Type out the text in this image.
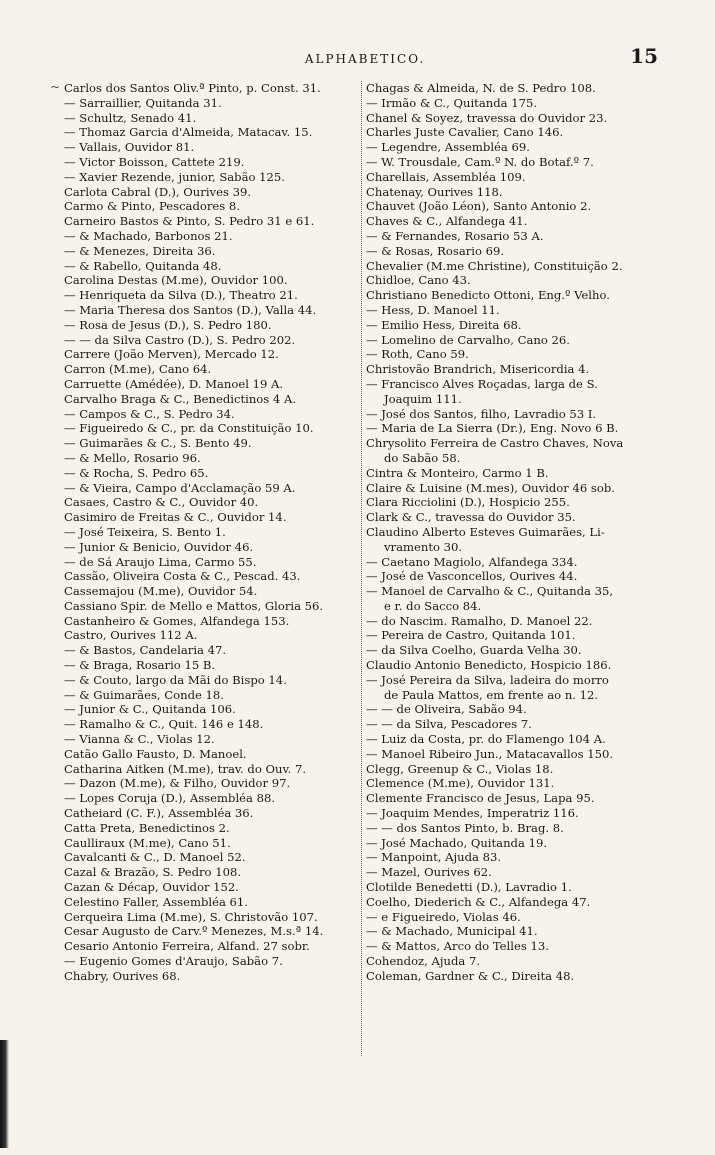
ALPHABETICO.	15
~ Carlos dos Santos Oliv.ª Pinto, p. Const. 31.
— Sarraillier, Quitanda 31.
— Schultz, Senado 41.
— Thomaz Garcia d'Almeida, Matacav. 15.
— Vallais, Ouvidor 81.
— Victor Boisson, Cattete 219.
— Xavier Rezende, junior, Sabão 125.
Carlota Cabral (D.), Ourives 39.
Carmo & Pinto, Pescadores 8.
Carneiro Bastos & Pinto, S. Pedro 31 e 61.
— & Machado, Barbonos 21.
— & Menezes, Direita 36.
— & Rabello, Quitanda 48.
Carolina Destas (M.me), Ouvidor 100.
— Henriqueta da Silva (D.), Theatro 21.
— Maria Theresa dos Santos (D.), Valla 44.
— Rosa de Jesus (D.), S. Pedro 180.
— — da Silva Castro (D.), S. Pedro 202.
Carrere (João Merven), Mercado 12.
Carron (M.me), Cano 64.
Carruette (Amédée), D. Manoel 19 A.
Carvalho Braga & C., Benedictinos 4 A.
— Campos & C., S. Pedro 34.
— Figueiredo & C., pr. da Constituição 10.
— Guimarães & C., S. Bento 49.
— & Mello, Rosario 96.
— & Rocha, S. Pedro 65.
— & Vieira, Campo d'Acclamação 59 A.
Casaes, Castro & C., Ouvidor 40.
Casimiro de Freitas & C., Ouvidor 14.
— José Teixeira, S. Bento 1.
— Junior & Benicio, Ouvidor 46.
— de Sá Araujo Lima, Carmo 55.
Cassão, Oliveira Costa & C., Pescad. 43.
Cassemajou (M.me), Ouvidor 54.
Cassiano Spir. de Mello e Mattos, Gloria 56.
Castanheiro & Gomes, Alfandega 153.
Castro, Ourives 112 A.
— & Bastos, Candelaria 47.
— & Braga, Rosario 15 B.
— & Couto, largo da Mãi do Bispo 14.
— & Guimarães, Conde 18.
— Junior & C., Quitanda 106.
— Ramalho & C., Quit. 146 e 148.
— Vianna & C., Violas 12.
Catão Gallo Fausto, D. Manoel.
Catharina Aitken (M.me), trav. do Ouv. 7.
— Dazon (M.me), & Filho, Ouvidor 97.
— Lopes Coruja (D.), Assembléa 88.
Catheiard (C. F.), Assembléa 36.
Catta Preta, Benedictinos 2.
Caulliraux (M.me), Cano 51.
Cavalcanti & C., D. Manoel 52.
Cazal & Brazão, S. Pedro 108.
Cazan & Décap, Ouvidor 152.
Celestino Faller, Assembléa 61.
Cerqueira Lima (M.me), S. Christovão 107.
Cesar Augusto de Carv.º Menezes, M.s.ª 14.
Cesario Antonio Ferreira, Alfand. 27 sobr.
— Eugenio Gomes d'Araujo, Sabão 7.
Chabry, Ourives 68.
Chagas & Almeida, N. de S. Pedro 108.
— Irmão & C., Quitanda 175.
Chanel & Soyez, travessa do Ouvidor 23.
Charles Juste Cavalier, Cano 146.
— Legendre, Assembléa 69.
— W. Trousdale, Cam.º N. do Botaf.º 7.
Charellais, Assembléa 109.
Chatenay, Ourives 118.
Chauvet (João Léon), Santo Antonio 2.
Chaves & C., Alfandega 41.
— & Fernandes, Rosario 53 A.
— & Rosas, Rosario 69.
Chevalier (M.me Christine), Constituição 2.
Chidloe, Cano 43.
Christiano Benedicto Ottoni, Eng.º Velho.
— Hess, D. Manoel 11.
— Emilio Hess, Direita 68.
— Lomelino de Carvalho, Cano 26.
— Roth, Cano 59.
Christovão Brandrich, Misericordia 4.
— Francisco Alves Roçadas, larga de S.
Joaquim 111.
— José dos Santos, filho, Lavradio 53 I.
— Maria de La Sierra (Dr.), Eng. Novo 6 B.
Chrysolito Ferreira de Castro Chaves, Nova
do Sabão 58.
Cintra & Monteiro, Carmo 1 B.
Claire & Luisine (M.mes), Ouvidor 46 sob.
Clara Ricciolini (D.), Hospicio 255.
Clark & C., travessa do Ouvidor 35.
Claudino Alberto Esteves Guimarães, Li-
vramento 30.
— Caetano Magiolo, Alfandega 334.
— José de Vasconcellos, Ourives 44.
— Manoel de Carvalho & C., Quitanda 35,
e r. do Sacco 84.
— do Nascim. Ramalho, D. Manoel 22.
— Pereira de Castro, Quitanda 101.
— da Silva Coelho, Guarda Velha 30.
Claudio Antonio Benedicto, Hospicio 186.
— José Pereira da Silva, ladeira do morro
de Paula Mattos, em frente ao n. 12.
— — de Oliveira, Sabão 94.
— — da Silva, Pescadores 7.
— Luiz da Costa, pr. do Flamengo 104 A.
— Manoel Ribeiro Jun., Matacavallos 150.
Clegg, Greenup & C., Violas 18.
Clemence (M.me), Ouvidor 131.
Clemente Francisco de Jesus, Lapa 95.
— Joaquim Mendes, Imperatriz 116.
— — dos Santos Pinto, b. Brag. 8.
— José Machado, Quitanda 19.
— Manpoint, Ajuda 83.
— Mazel, Ourives 62.
Clotilde Benedetti (D.), Lavradio 1.
Coelho, Diederich & C., Alfandega 47.
— e Figueiredo, Violas 46.
— & Machado, Municipal 41.
— & Mattos, Arco do Telles 13.
Cohendoz, Ajuda 7.
Coleman, Gardner & C., Direita 48.
